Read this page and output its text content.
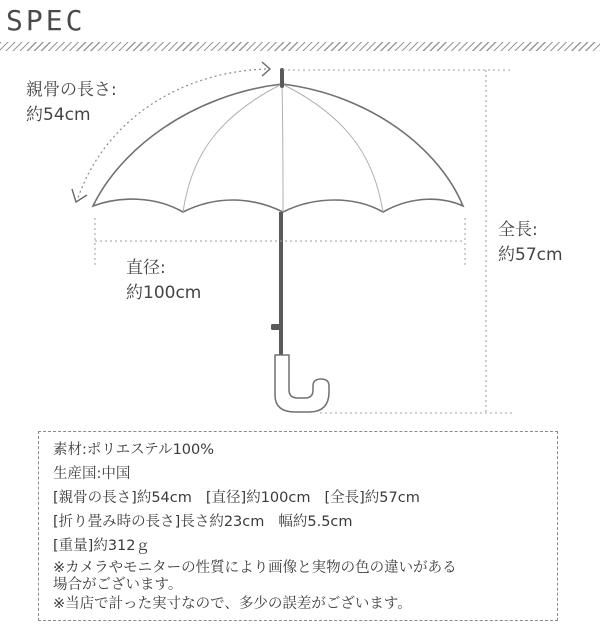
SPEC
親骨の長さ:
約54cm
直径:
約100cm
全長:
約57cm
素材:ポリエステル100%
生産国:中国
[親骨の長さ]約54cm [直径]約100cm [全長]約57cm
[折り畳み時の長さ]長さ約23cm 幅約5.5cm
[重量]約312ｇ
※カメラやモニターの性質により画像と実物の色の違いがある
場合がございます。
※当店で計った実寸なので、多少の誤差がございます。
